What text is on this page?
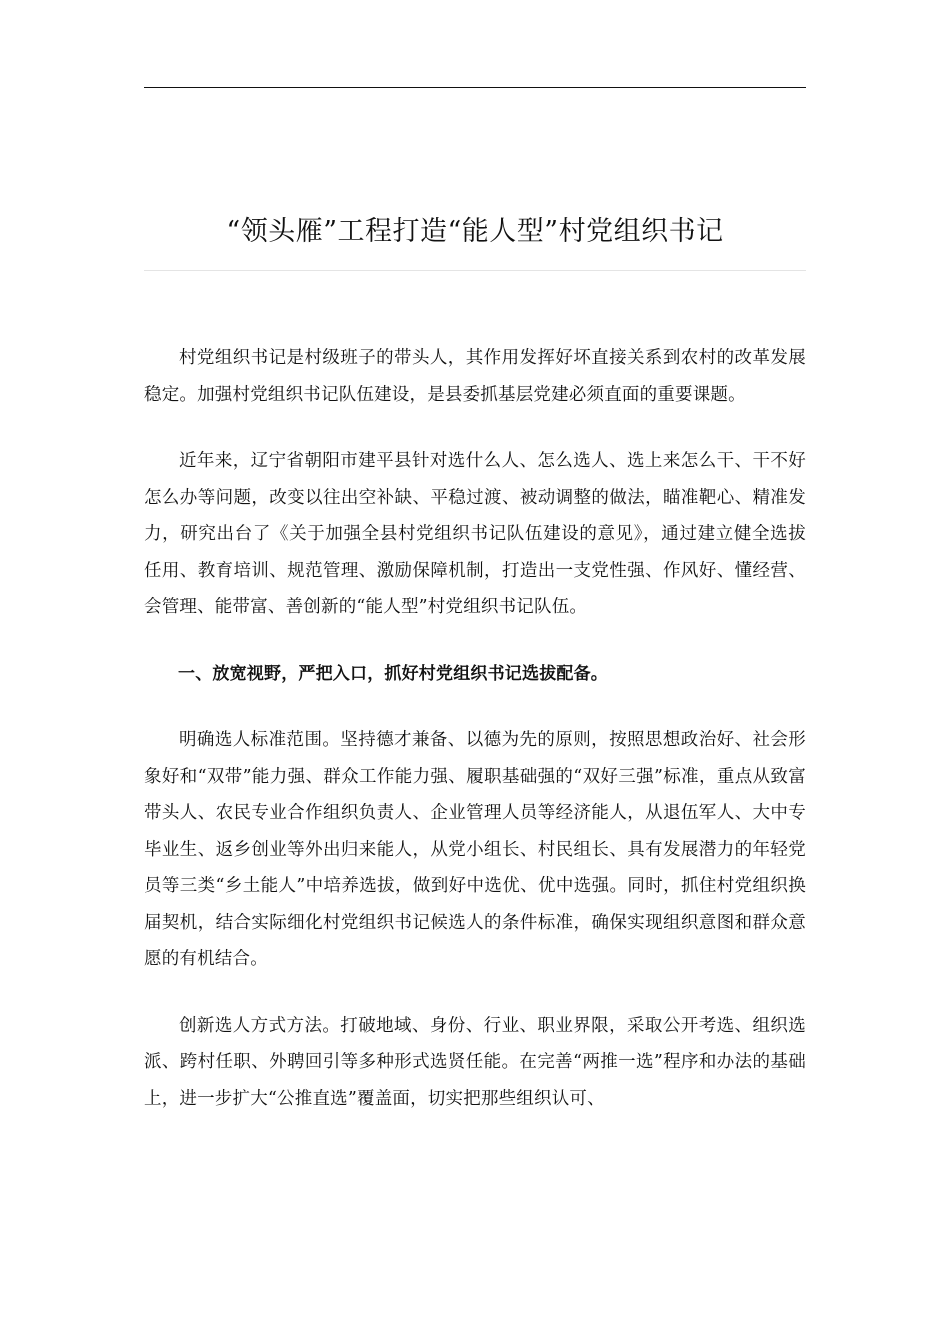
“领头雁”工程打造“能人型”村党组织书记

村党组织书记是村级班子的带头人，其作用发挥好坏直接关系到农村的改革发展稳定。加强村党组织书记队伍建设，是县委抓基层党建必须直面的重要课题。

近年来，辽宁省朝阳市建平县针对选什么人、怎么选人、选上来怎么干、干不好怎么办等问题，改变以往出空补缺、平稳过渡、被动调整的做法，瞄准靶心、精准发力，研究出台了《关于加强全县村党组织书记队伍建设的意见》，通过建立健全选拔任用、教育培训、规范管理、激励保障机制，打造出一支党性强、作风好、懂经营、会管理、能带富、善创新的“能人型”村党组织书记队伍。

一、放宽视野，严把入口，抓好村党组织书记选拔配备。

明确选人标准范围。坚持德才兼备、以德为先的原则，按照思想政治好、社会形象好和“双带”能力强、群众工作能力强、履职基础强的“双好三强”标准，重点从致富带头人、农民专业合作组织负责人、企业管理人员等经济能人，从退伍军人、大中专毕业生、返乡创业等外出归来能人，从党小组长、村民组长、具有发展潜力的年轻党员等三类“乡土能人”中培养选拔，做到好中选优、优中选强。同时，抓住村党组织换届契机，结合实际细化村党组织书记候选人的条件标准，确保实现组织意图和群众意愿的有机结合。

创新选人方式方法。打破地域、身份、行业、职业界限，采取公开考选、组织选派、跨村任职、外聘回引等多种形式选贤任能。在完善“两推一选”程序和办法的基础上，进一步扩大“公推直选”覆盖面，切实把那些组织认可、
